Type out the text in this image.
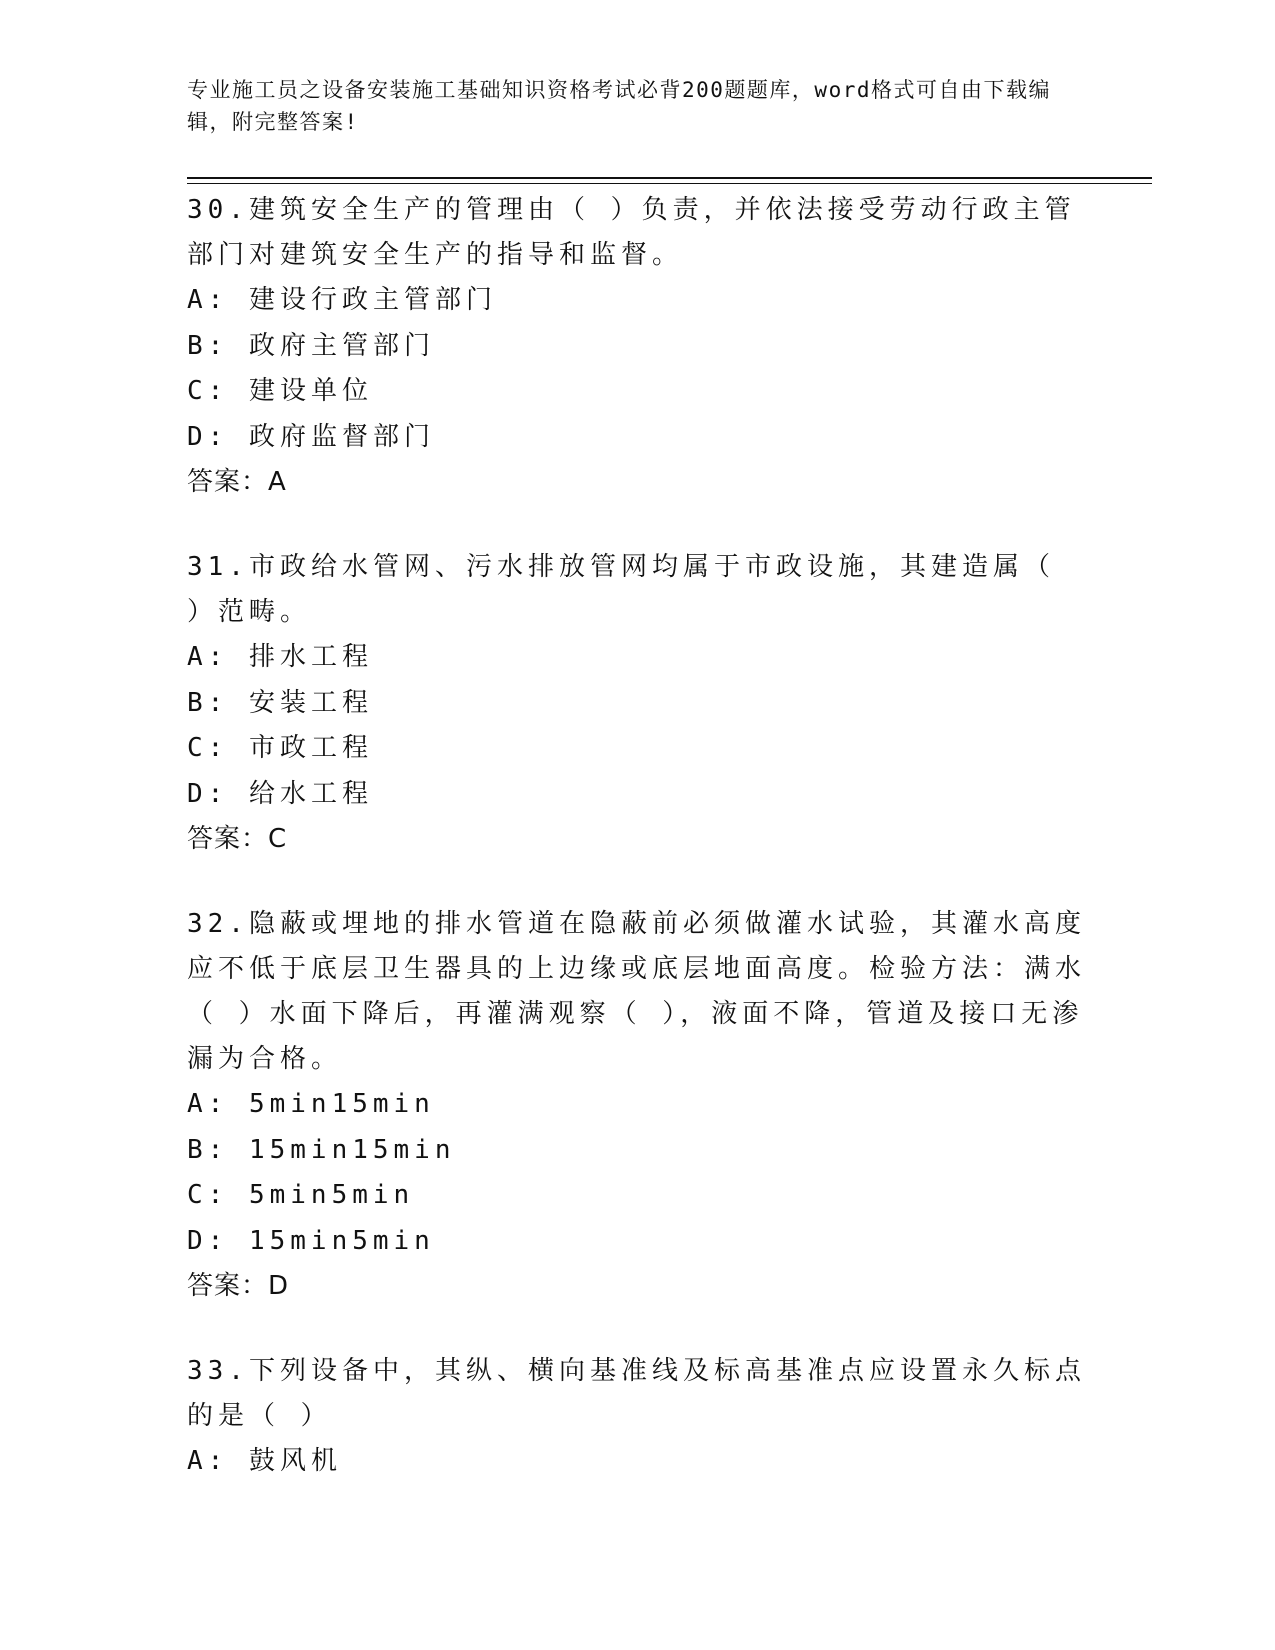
专业施工员之设备安装施工基础知识资格考试必背200题题库，word格式可自由下载编辑，附完整答案!
30.建筑安全生产的管理由（ ）负责，并依法接受劳动行政主管部门对建筑安全生产的指导和监督。
A: 建设行政主管部门
B: 政府主管部门
C: 建设单位
D: 政府监督部门
答案：A
31.市政给水管网、污水排放管网均属于市政设施，其建造属（ ）范畴。
A: 排水工程
B: 安装工程
C: 市政工程
D: 给水工程
答案：C
32.隐蔽或埋地的排水管道在隐蔽前必须做灌水试验，其灌水高度应不低于底层卫生器具的上边缘或底层地面高度。检验方法：满水（ ）水面下降后，再灌满观察（ ），液面不降，管道及接口无渗漏为合格。
A: 5min15min
B: 15min15min
C: 5min5min
D: 15min5min
答案：D
33.下列设备中，其纵、横向基准线及标高基准点应设置永久标点的是（ ）
A: 鼓风机
